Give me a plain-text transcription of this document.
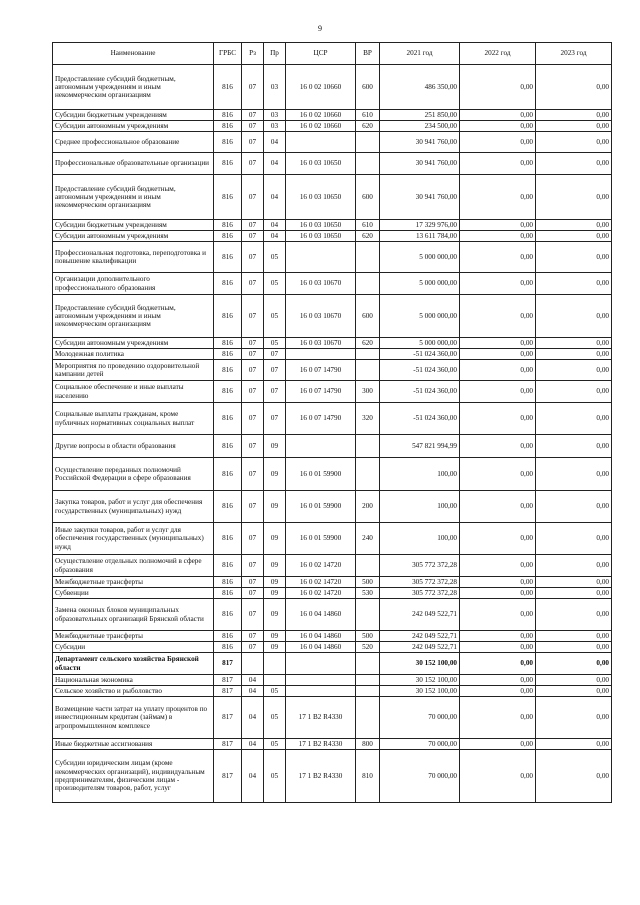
9
Наименование	ГРБС	Рз	Пр	ЦСР	ВР	2021 год	2022 год	2023 год
Предоставление субсидий бюджетным, автономным учреждениям и иным некоммерческим организациям	816	07	03	16 0 02 10660	600	486 350,00	0,00	0,00
Субсидии бюджетным учреждениям	816	07	03	16 0 02 10660	610	251 850,00	0,00	0,00
Субсидии автономным учреждениям	816	07	03	16 0 02 10660	620	234 500,00	0,00	0,00
Среднее профессиональное образование	816	07	04			30 941 760,00	0,00	0,00
Профессиональные образовательные организации	816	07	04	16 0 03 10650		30 941 760,00	0,00	0,00
Предоставление субсидий бюджетным, автономным учреждениям и иным некоммерческим организациям	816	07	04	16 0 03 10650	600	30 941 760,00	0,00	0,00
Субсидии бюджетным учреждениям	816	07	04	16 0 03 10650	610	17 329 976,00	0,00	0,00
Субсидии автономным учреждениям	816	07	04	16 0 03 10650	620	13 611 784,00	0,00	0,00
Профессиональная подготовка, переподготовка и повышение квалификации	816	07	05			5 000 000,00	0,00	0,00
Организации дополнительного профессионального образования	816	07	05	16 0 03 10670		5 000 000,00	0,00	0,00
Предоставление субсидий бюджетным, автономным учреждениям и иным некоммерческим организациям	816	07	05	16 0 03 10670	600	5 000 000,00	0,00	0,00
Субсидии автономным учреждениям	816	07	05	16 0 03 10670	620	5 000 000,00	0,00	0,00
Молодежная политика	816	07	07			-51 024 360,00	0,00	0,00
Мероприятия по проведению оздоровительной кампании детей	816	07	07	16 0 07 14790		-51 024 360,00	0,00	0,00
Социальное обеспечение и иные выплаты населению	816	07	07	16 0 07 14790	300	-51 024 360,00	0,00	0,00
Социальные выплаты гражданам, кроме публичных нормативных социальных выплат	816	07	07	16 0 07 14790	320	-51 024 360,00	0,00	0,00
Другие вопросы в области образования	816	07	09			547 821 994,99	0,00	0,00
Осуществление переданных полномочий Российской Федерации в сфере образования	816	07	09	16 0 01 59900		100,00	0,00	0,00
Закупка товаров, работ и услуг для обеспечения государственных (муниципальных) нужд	816	07	09	16 0 01 59900	200	100,00	0,00	0,00
Иные закупки товаров, работ и услуг для обеспечения государственных (муниципальных) нужд	816	07	09	16 0 01 59900	240	100,00	0,00	0,00
Осуществление отдельных полномочий в сфере образования	816	07	09	16 0 02 14720		305 772 372,28	0,00	0,00
Межбюджетные трансферты	816	07	09	16 0 02 14720	500	305 772 372,28	0,00	0,00
Субвенции	816	07	09	16 0 02 14720	530	305 772 372,28	0,00	0,00
Замена оконных блоков муниципальных образовательных организаций Брянской области	816	07	09	16 0 04 14860		242 049 522,71	0,00	0,00
Межбюджетные трансферты	816	07	09	16 0 04 14860	500	242 049 522,71	0,00	0,00
Субсидии	816	07	09	16 0 04 14860	520	242 049 522,71	0,00	0,00
Департамент сельского хозяйства Брянской области	817					30 152 100,00	0,00	0,00
Национальная экономика	817	04				30 152 100,00	0,00	0,00
Сельское хозяйство и рыболовство	817	04	05			30 152 100,00	0,00	0,00
Возмещение части затрат на уплату процентов по инвестиционным кредитам (займам) в агропромышленном комплексе	817	04	05	17 1 B2 R4330		70 000,00	0,00	0,00
Иные бюджетные ассигнования	817	04	05	17 1 B2 R4330	800	70 000,00	0,00	0,00
Субсидии юридическим лицам (кроме некоммерческих организаций), индивидуальным предпринимателям, физическим лицам - производителям товаров, работ, услуг	817	04	05	17 1 B2 R4330	810	70 000,00	0,00	0,00
